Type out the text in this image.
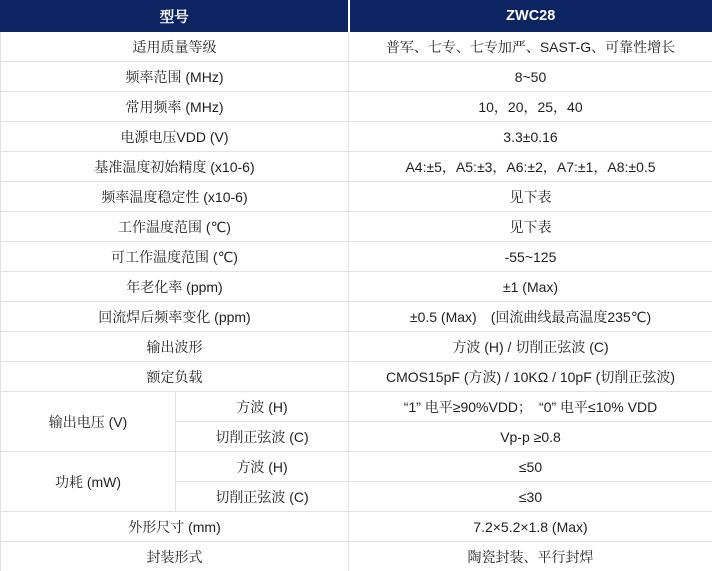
型号		ZWC28
适用质量等级		普军、七专、七专加严、SAST-G、可靠性增长
频率范围 (MHz)		8~50
常用频率 (MHz)		10，20，25，40
电源电压VDD (V)		3.3±0.16
基准温度初始精度 (x10-6)		A4:±5，A5:±3，A6:±2，A7:±1，A8:±0.5
频率温度稳定性 (x10-6)		见下表
工作温度范围 (℃)		见下表
可工作温度范围 (℃)		-55~125
年老化率 (ppm)		±1 (Max)
回流焊后频率变化 (ppm)		±0.5 (Max)　(回流曲线最高温度235℃)
输出波形		方波 (H) / 切削正弦波 (C)
额定负载		CMOS15pF (方波) / 10KΩ / 10pF (切削正弦波)
输出电压 (V)	方波 (H)	“1” 电平≥90%VDD；　“0” 电平≤10% VDD
	切削正弦波 (C)	Vp-p ≥0.8
功耗 (mW)	方波 (H)	≤50
	切削正弦波 (C)	≤30
外形尺寸 (mm)		7.2×5.2×1.8 (Max)
封装形式		陶瓷封装、平行封焊
